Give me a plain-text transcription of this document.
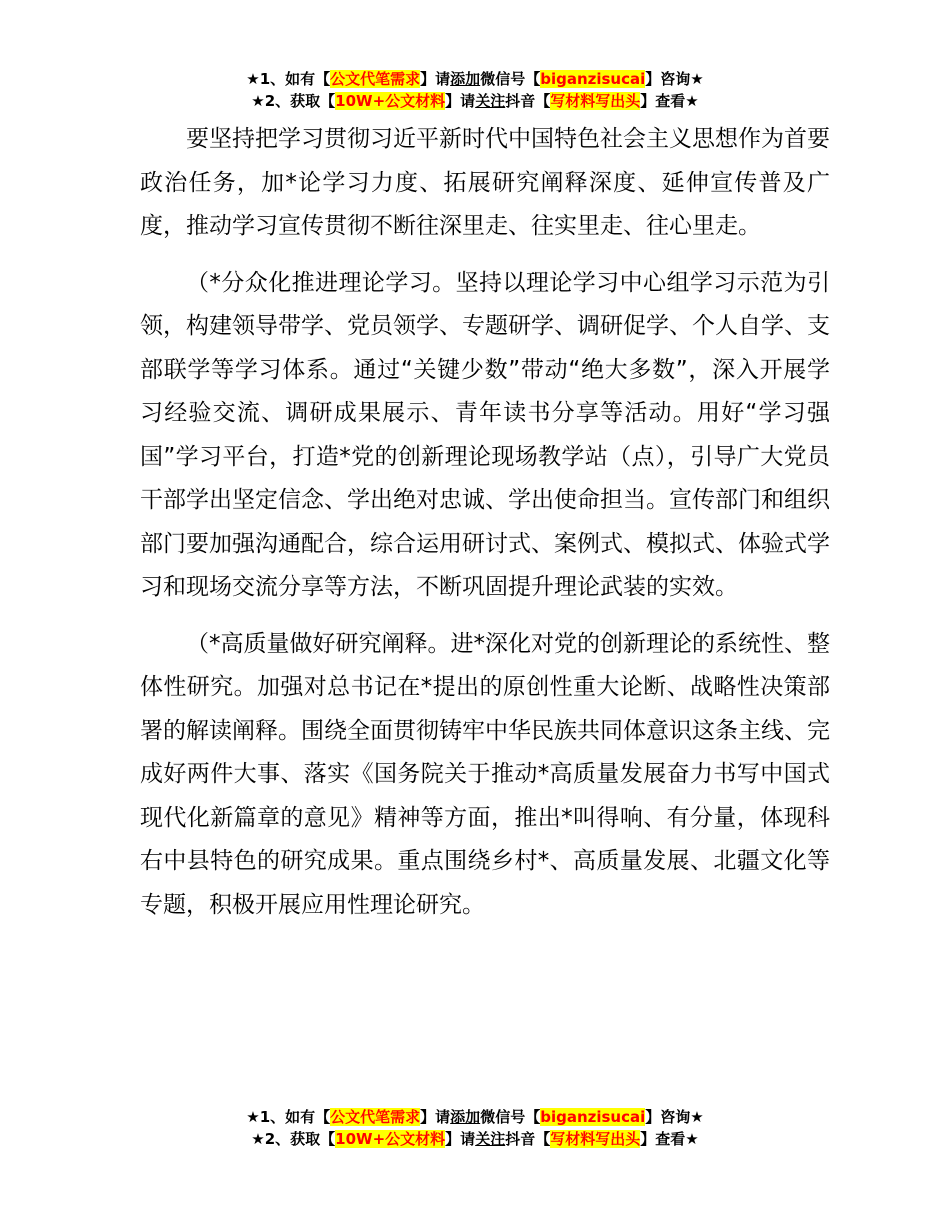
★1、如有【公文代笔需求】请添加微信号【biganzisucai】咨询★
★2、获取【10W+公文材料】请关注抖音【写材料写出头】查看★

要坚持把学习贯彻习近平新时代中国特色社会主义思想作为首要政治任务，加*论学习力度、拓展研究阐释深度、延伸宣传普及广度，推动学习宣传贯彻不断往深里走、往实里走、往心里走。

（*分众化推进理论学习。坚持以理论学习中心组学习示范为引领，构建领导带学、党员领学、专题研学、调研促学、个人自学、支部联学等学习体系。通过“关键少数”带动“绝大多数”，深入开展学习经验交流、调研成果展示、青年读书分享等活动。用好“学习强国”学习平台，打造*党的创新理论现场教学站（点），引导广大党员干部学出坚定信念、学出绝对忠诚、学出使命担当。宣传部门和组织部门要加强沟通配合，综合运用研讨式、案例式、模拟式、体验式学习和现场交流分享等方法，不断巩固提升理论武装的实效。

（*高质量做好研究阐释。进*深化对党的创新理论的系统性、整体性研究。加强对总书记在*提出的原创性重大论断、战略性决策部署的解读阐释。围绕全面贯彻铸牢中华民族共同体意识这条主线、完成好两件大事、落实《国务院关于推动*高质量发展奋力书写中国式现代化新篇章的意见》精神等方面，推出*叫得响、有分量，体现科右中县特色的研究成果。重点围绕乡村*、高质量发展、北疆文化等专题，积极开展应用性理论研究。

★1、如有【公文代笔需求】请添加微信号【biganzisucai】咨询★
★2、获取【10W+公文材料】请关注抖音【写材料写出头】查看★
